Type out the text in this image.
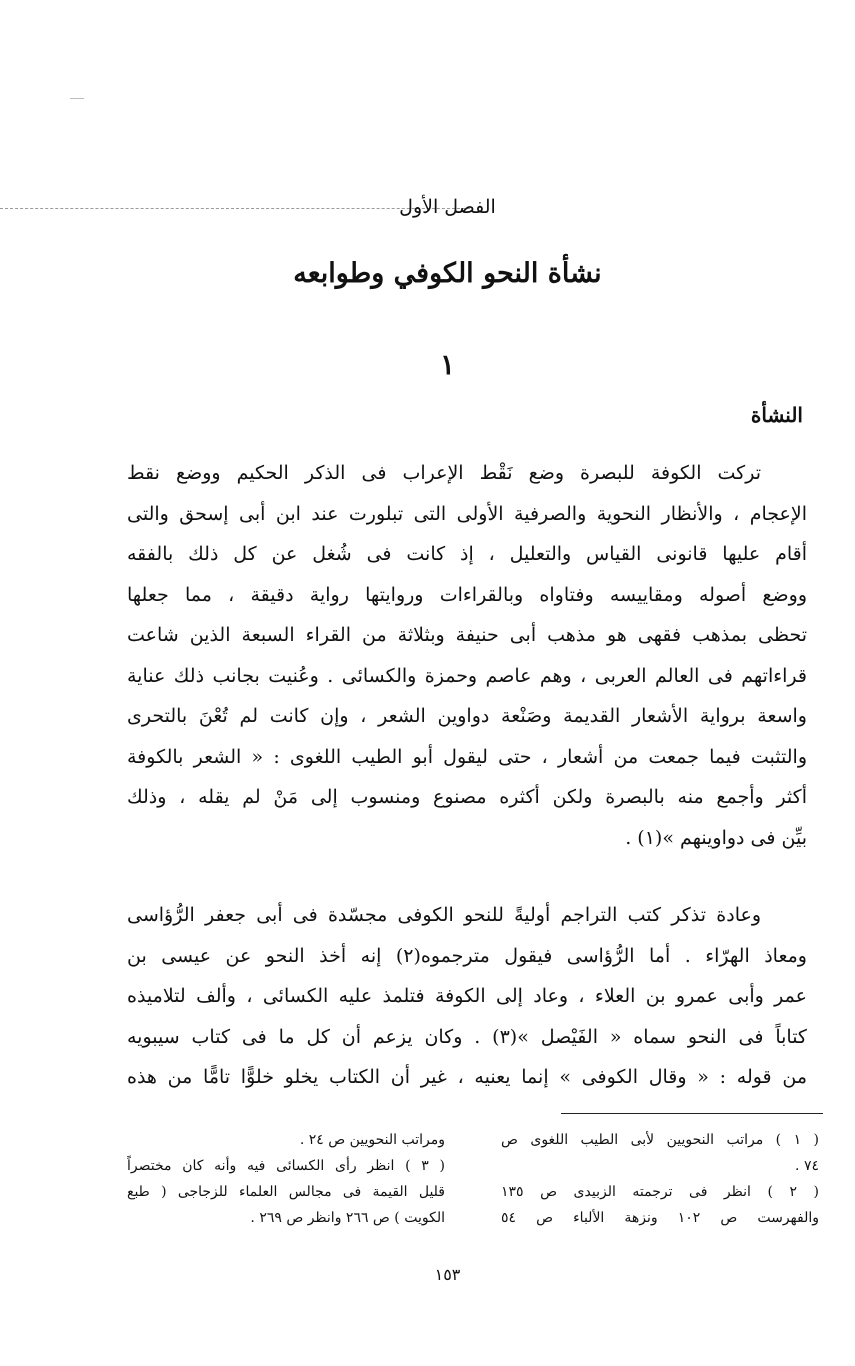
الفصل الأول
نشأة النحو الكوفي وطوابعه
١
النشأة
تركت الكوفة للبصرة وضع نَقْط الإعراب فى الذكر الحكيم ووضع نقط
الإعجام ، والأنظار النحوية والصرفية الأولى التى تبلورت عند ابن أبى إسحق والتى
أقام عليها قانونى القياس والتعليل ، إذ كانت فى شُغل عن كل ذلك بالفقه
ووضع أصوله ومقاييسه وفتاواه وبالقراءات وروايتها رواية دقيقة ، مما جعلها
تحظى بمذهب فقهى هو مذهب أبى حنيفة وبثلاثة من القراء السبعة الذين شاعت
قراءاتهم فى العالم العربى ، وهم عاصم وحمزة والكسائى . وعُنيت بجانب ذلك عناية
واسعة برواية الأشعار القديمة وصَنْعة دواوين الشعر ، وإن كانت لم تُعْنَ بالتحرى
والتثبت فيما جمعت من أشعار ، حتى ليقول أبو الطيب اللغوى : « الشعر بالكوفة
أكثر وأجمع منه بالبصرة ولكن أكثره مصنوع ومنسوب إلى مَنْ لم يقله ، وذلك
بيِّن فى دواوينهم »(١) .
وعادة تذكر كتب التراجم أوليةً للنحو الكوفى مجسّدة فى أبى جعفر الرُّؤاسى
ومعاذ الهرّاء . أما الرُّؤاسى فيقول مترجموه(٢) إنه أخذ النحو عن عيسى بن
عمر وأبى عمرو بن العلاء ، وعاد إلى الكوفة فتلمذ عليه الكسائى ، وألف لتلاميذه
كتاباً فى النحو سماه « الفَيْصل »(٣) . وكان يزعم أن كل ما فى كتاب سيبويه
من قوله : « وقال الكوفى » إنما يعنيه ، غير أن الكتاب يخلو خلوًّا تامًّا من هذه
( ١ ) مراتب النحويين لأبى الطيب اللغوى ص
٧٤ .
( ٢ ) انظر فى ترجمته الزبيدى ص ١٣٥
والفهرست ص ١٠٢ ونزهة الألباء ص ٥٤
ومراتب النحويين ص ٢٤ .
( ٣ ) انظر رأى الكسائى فيه وأنه كان مختصراً
قليل القيمة فى مجالس العلماء للزجاجى ( طبع
الكويت ) ص ٢٦٦ وانظر ص ٢٦٩ .
١٥٣
